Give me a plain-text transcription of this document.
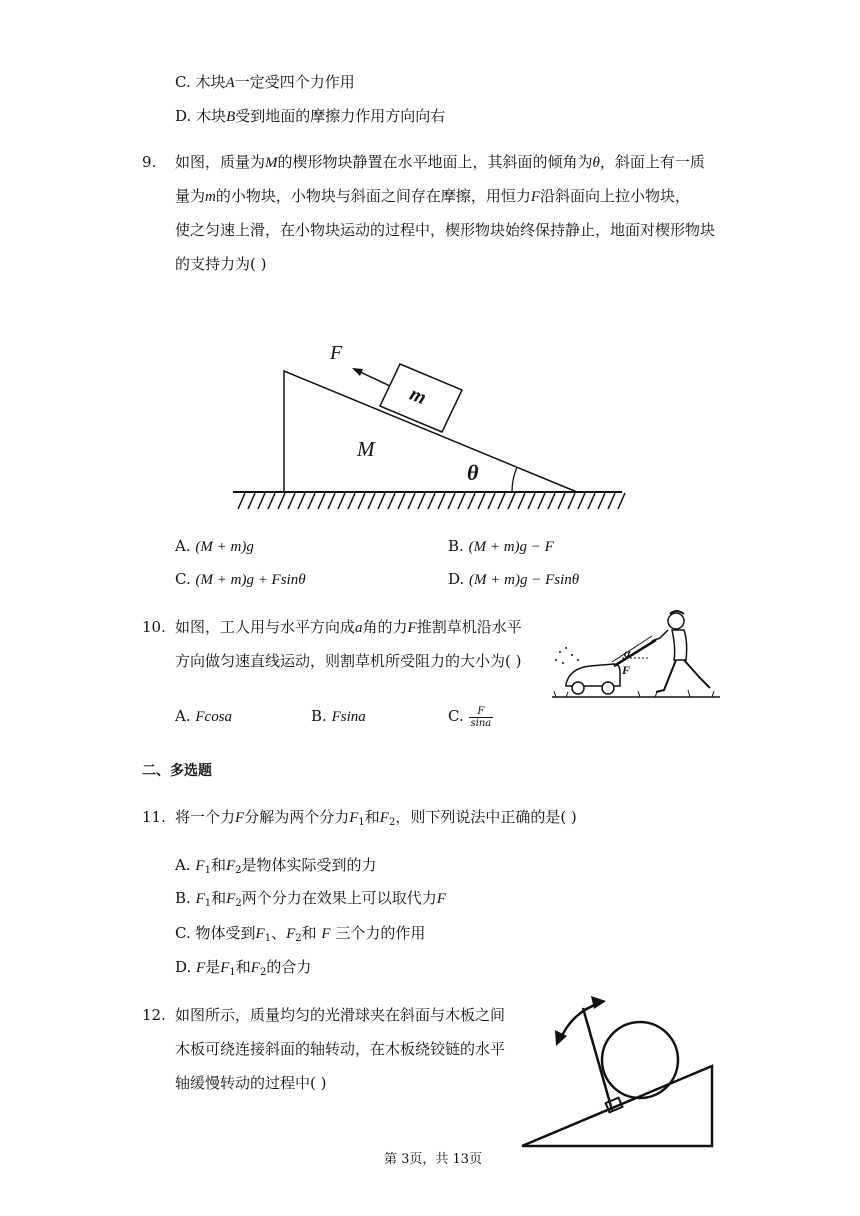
C. 木块A一定受四个力作用
D. 木块B受到地面的摩擦力作用方向向右
9. 如图，质量为M的楔形物块静置在水平地面上，其斜面的倾角为θ，斜面上有一质
量为m的小物块，小物块与斜面之间存在摩擦，用恒力F沿斜面向上拉小物块，
使之匀速上滑，在小物块运动的过程中，楔形物块始终保持静止，地面对楔形物块
的支持力为( )
F
m
M
θ
A. (M + m)g	B. (M + m)g − F
C. (M + m)g + Fsinθ	D. (M + m)g − Fsinθ
10. 如图，工人用与水平方向成a角的力F推割草机沿水平
方向做匀速直线运动，则割草机所受阻力的大小为( )	α
F
A. Fcosa	B. Fsina	C. $\frac{F}{\sin a}$
二、多选题
11. 将一个力F分解为两个分力$F_1$和$F_2$，则下列说法中正确的是( )
A. $F_1$和$F_2$是物体实际受到的力
B. $F_1$和$F_2$两个分力在效果上可以取代力F
C. 物体受到$F_1$、$F_2$和 F 三个力的作用
D. F是$F_1$和$F_2$的合力
12. 如图所示，质量均匀的光滑球夹在斜面与木板之间
木板可绕连接斜面的轴转动，在木板绕铰链的水平
轴缓慢转动的过程中( )
第 3页，共 13页
